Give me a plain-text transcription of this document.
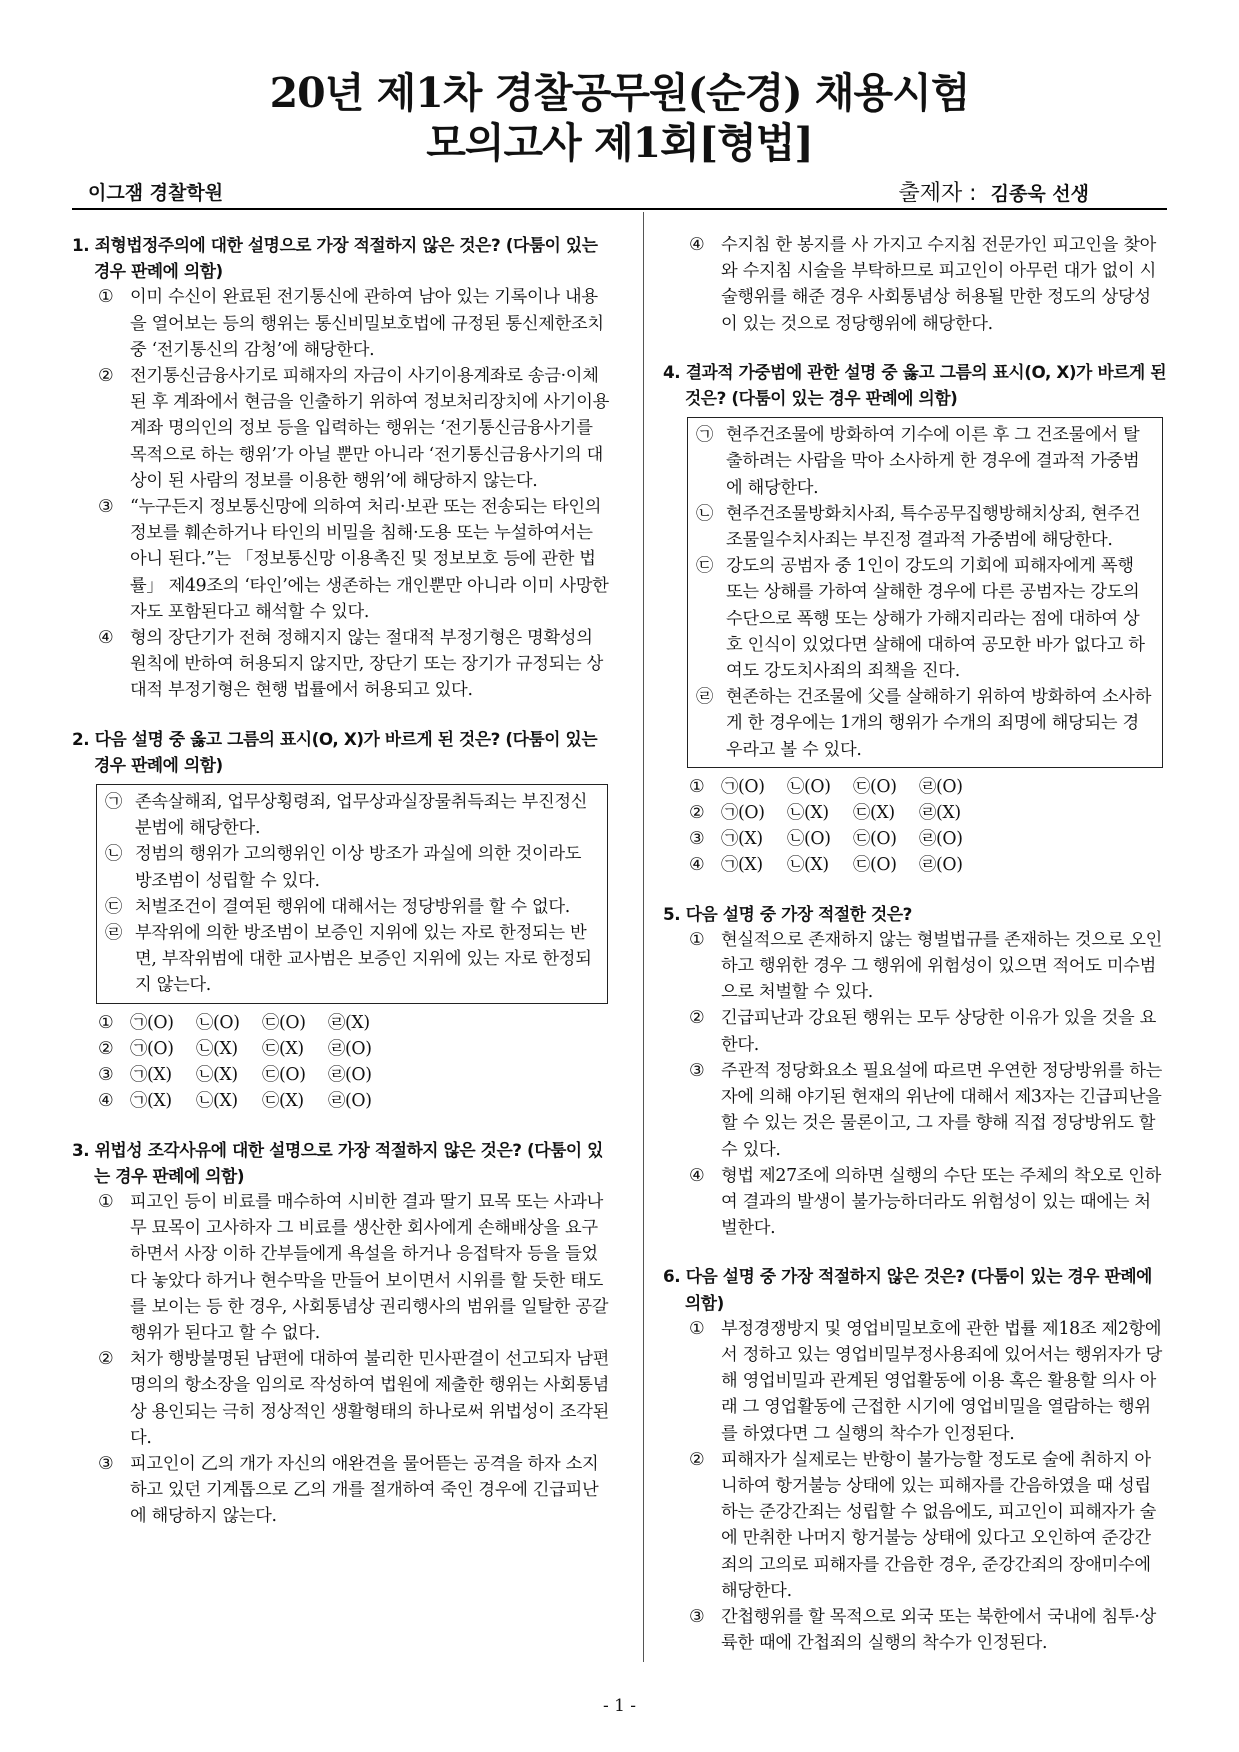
20년 제1차 경찰공무원(순경) 채용시험
모의고사 제1회[형법]
이그잼 경찰학원	출제자 : 김종욱 선생
1. 죄형법정주의에 대한 설명으로 가장 적절하지 않은 것은? (다툼이 있는 경우 판례에 의함)
① 이미 수신이 완료된 전기통신에 관하여 남아 있는 기록이나 내용을 열어보는 등의 행위는 통신비밀보호법에 규정된 통신제한조치 중 ‘전기통신의 감청’에 해당한다.
② 전기통신금융사기로 피해자의 자금이 사기이용계좌로 송금·이체된 후 계좌에서 현금을 인출하기 위하여 정보처리장치에 사기이용계좌 명의인의 정보 등을 입력하는 행위는 ‘전기통신금융사기를 목적으로 하는 행위’가 아닐 뿐만 아니라 ‘전기통신금융사기의 대상이 된 사람의 정보를 이용한 행위’에 해당하지 않는다.
③ “누구든지 정보통신망에 의하여 처리·보관 또는 전송되는 타인의 정보를 훼손하거나 타인의 비밀을 침해·도용 또는 누설하여서는 아니 된다.”는 「정보통신망 이용촉진 및 정보보호 등에 관한 법률」 제49조의 ‘타인’에는 생존하는 개인뿐만 아니라 이미 사망한 자도 포함된다고 해석할 수 있다.
④ 형의 장단기가 전혀 정해지지 않는 절대적 부정기형은 명확성의 원칙에 반하여 허용되지 않지만, 장단기 또는 장기가 규정되는 상대적 부정기형은 현행 법률에서 허용되고 있다.
2. 다음 설명 중 옳고 그름의 표시(O, X)가 바르게 된 것은? (다툼이 있는 경우 판례에 의함)
㉠ 존속살해죄, 업무상횡령죄, 업무상과실장물취득죄는 부진정신분범에 해당한다.
㉡ 정범의 행위가 고의행위인 이상 방조가 과실에 의한 것이라도 방조범이 성립할 수 있다.
㉢ 처벌조건이 결여된 행위에 대해서는 정당방위를 할 수 없다.
㉣ 부작위에 의한 방조범이 보증인 지위에 있는 자로 한정되는 반면, 부작위범에 대한 교사범은 보증인 지위에 있는 자로 한정되지 않는다.
① ㉠(O) ㉡(O) ㉢(O) ㉣(X)
② ㉠(O) ㉡(X) ㉢(X) ㉣(O)
③ ㉠(X) ㉡(X) ㉢(O) ㉣(O)
④ ㉠(X) ㉡(X) ㉢(X) ㉣(O)
3. 위법성 조각사유에 대한 설명으로 가장 적절하지 않은 것은? (다툼이 있는 경우 판례에 의함)
① 피고인 등이 비료를 매수하여 시비한 결과 딸기 묘목 또는 사과나무 묘목이 고사하자 그 비료를 생산한 회사에게 손해배상을 요구하면서 사장 이하 간부들에게 욕설을 하거나 응접탁자 등을 들었다 놓았다 하거나 현수막을 만들어 보이면서 시위를 할 듯한 태도를 보이는 등 한 경우, 사회통념상 권리행사의 범위를 일탈한 공갈행위가 된다고 할 수 없다.
② 처가 행방불명된 남편에 대하여 불리한 민사판결이 선고되자 남편명의의 항소장을 임의로 작성하여 법원에 제출한 행위는 사회통념상 용인되는 극히 정상적인 생활형태의 하나로써 위법성이 조각된다.
③ 피고인이 乙의 개가 자신의 애완견을 물어뜯는 공격을 하자 소지하고 있던 기계톱으로 乙의 개를 절개하여 죽인 경우에 긴급피난에 해당하지 않는다.
④ 수지침 한 봉지를 사 가지고 수지침 전문가인 피고인을 찾아와 수지침 시술을 부탁하므로 피고인이 아무런 대가 없이 시술행위를 해준 경우 사회통념상 허용될 만한 정도의 상당성이 있는 것으로 정당행위에 해당한다.
4. 결과적 가중범에 관한 설명 중 옳고 그름의 표시(O, X)가 바르게 된 것은? (다툼이 있는 경우 판례에 의함)
㉠ 현주건조물에 방화하여 기수에 이른 후 그 건조물에서 탈출하려는 사람을 막아 소사하게 한 경우에 결과적 가중범에 해당한다.
㉡ 현주건조물방화치사죄, 특수공무집행방해치상죄, 현주건조물일수치사죄는 부진정 결과적 가중범에 해당한다.
㉢ 강도의 공범자 중 1인이 강도의 기회에 피해자에게 폭행 또는 상해를 가하여 살해한 경우에 다른 공범자는 강도의 수단으로 폭행 또는 상해가 가해지리라는 점에 대하여 상호 인식이 있었다면 살해에 대하여 공모한 바가 없다고 하여도 강도치사죄의 죄책을 진다.
㉣ 현존하는 건조물에 父를 살해하기 위하여 방화하여 소사하게 한 경우에는 1개의 행위가 수개의 죄명에 해당되는 경우라고 볼 수 있다.
① ㉠(O) ㉡(O) ㉢(O) ㉣(O)
② ㉠(O) ㉡(X) ㉢(X) ㉣(X)
③ ㉠(X) ㉡(O) ㉢(O) ㉣(O)
④ ㉠(X) ㉡(X) ㉢(O) ㉣(O)
5. 다음 설명 중 가장 적절한 것은?
① 현실적으로 존재하지 않는 형벌법규를 존재하는 것으로 오인하고 행위한 경우 그 행위에 위험성이 있으면 적어도 미수범으로 처벌할 수 있다.
② 긴급피난과 강요된 행위는 모두 상당한 이유가 있을 것을 요한다.
③ 주관적 정당화요소 필요설에 따르면 우연한 정당방위를 하는 자에 의해 야기된 현재의 위난에 대해서 제3자는 긴급피난을 할 수 있는 것은 물론이고, 그 자를 향해 직접 정당방위도 할 수 있다.
④ 형법 제27조에 의하면 실행의 수단 또는 주체의 착오로 인하여 결과의 발생이 불가능하더라도 위험성이 있는 때에는 처벌한다.
6. 다음 설명 중 가장 적절하지 않은 것은? (다툼이 있는 경우 판례에 의함)
① 부정경쟁방지 및 영업비밀보호에 관한 법률 제18조 제2항에서 정하고 있는 영업비밀부정사용죄에 있어서는 행위자가 당해 영업비밀과 관계된 영업활동에 이용 혹은 활용할 의사 아래 그 영업활동에 근접한 시기에 영업비밀을 열람하는 행위를 하였다면 그 실행의 착수가 인정된다.
② 피해자가 실제로는 반항이 불가능할 정도로 술에 취하지 아니하여 항거불능 상태에 있는 피해자를 간음하였을 때 성립하는 준강간죄는 성립할 수 없음에도, 피고인이 피해자가 술에 만취한 나머지 항거불능 상태에 있다고 오인하여 준강간죄의 고의로 피해자를 간음한 경우, 준강간죄의 장애미수에 해당한다.
③ 간첩행위를 할 목적으로 외국 또는 북한에서 국내에 침투·상륙한 때에 간첩죄의 실행의 착수가 인정된다.
- 1 -
